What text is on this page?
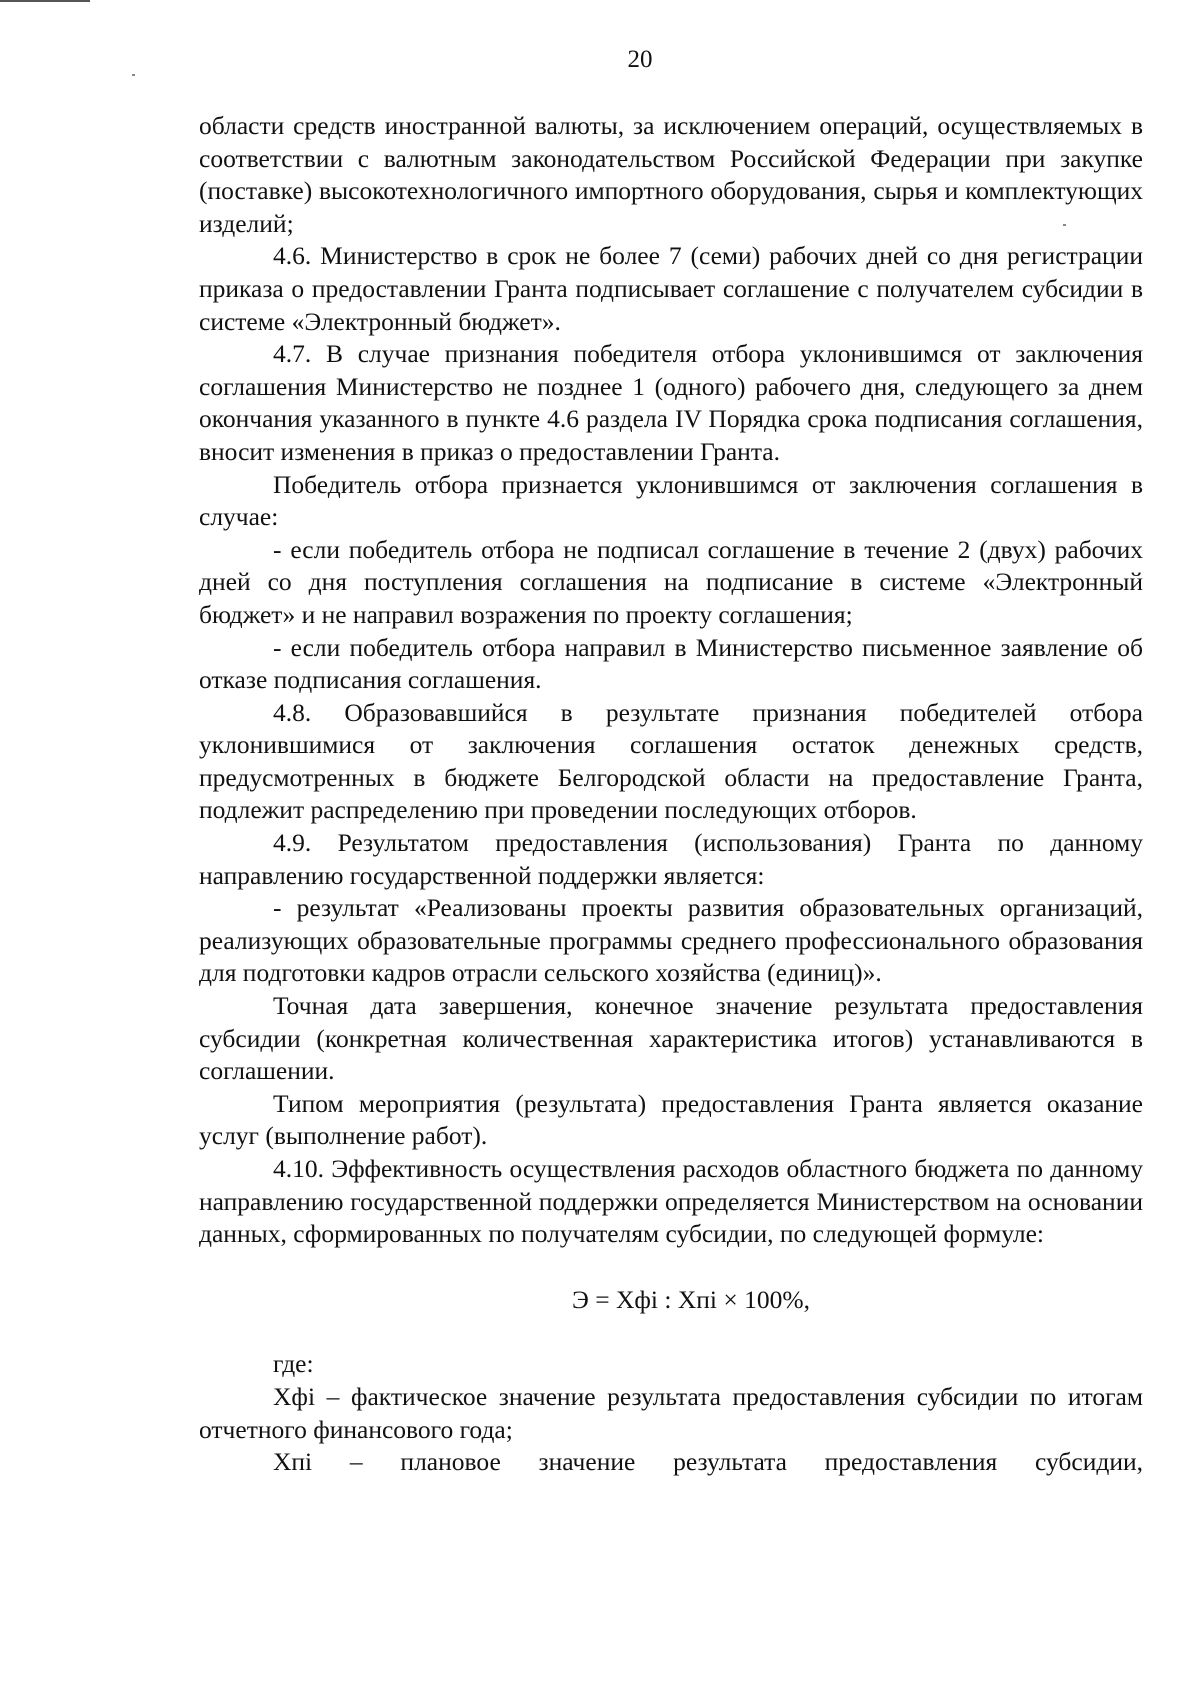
20

области средств иностранной валюты, за исключением операций, осуществляемых в соответствии с валютным законодательством Российской Федерации при закупке (поставке) высокотехнологичного импортного оборудования, сырья и комплектующих изделий;

4.6. Министерство в срок не более 7 (семи) рабочих дней со дня регистрации приказа о предоставлении Гранта подписывает соглашение с получателем субсидии в системе «Электронный бюджет».

4.7. В случае признания победителя отбора уклонившимся от заключения соглашения Министерство не позднее 1 (одного) рабочего дня, следующего за днем окончания указанного в пункте 4.6 раздела IV Порядка срока подписания соглашения, вносит изменения в приказ о предоставлении Гранта.

Победитель отбора признается уклонившимся от заключения соглашения в случае:

- если победитель отбора не подписал соглашение в течение 2 (двух) рабочих дней со дня поступления соглашения на подписание в системе «Электронный бюджет» и не направил возражения по проекту соглашения;

- если победитель отбора направил в Министерство письменное заявление об отказе подписания соглашения.

4.8. Образовавшийся в результате признания победителей отбора уклонившимися от заключения соглашения остаток денежных средств, предусмотренных в бюджете Белгородской области на предоставление Гранта, подлежит распределению при проведении последующих отборов.

4.9. Результатом предоставления (использования) Гранта по данному направлению государственной поддержки является:

- результат «Реализованы проекты развития образовательных организаций, реализующих образовательные программы среднего профессионального образования для подготовки кадров отрасли сельского хозяйства (единиц)».

Точная дата завершения, конечное значение результата предоставления субсидии (конкретная количественная характеристика итогов) устанавливаются в соглашении.

Типом мероприятия (результата) предоставления Гранта является оказание услуг (выполнение работ).

4.10. Эффективность осуществления расходов областного бюджета по данному направлению государственной поддержки определяется Министерством на основании данных, сформированных по получателям субсидии, по следующей формуле:

Э = Хфi : Хпi × 100%,

где:

Хфi – фактическое значение результата предоставления субсидии по итогам отчетного финансового года;

Хпi – плановое значение результата предоставления субсидии,
